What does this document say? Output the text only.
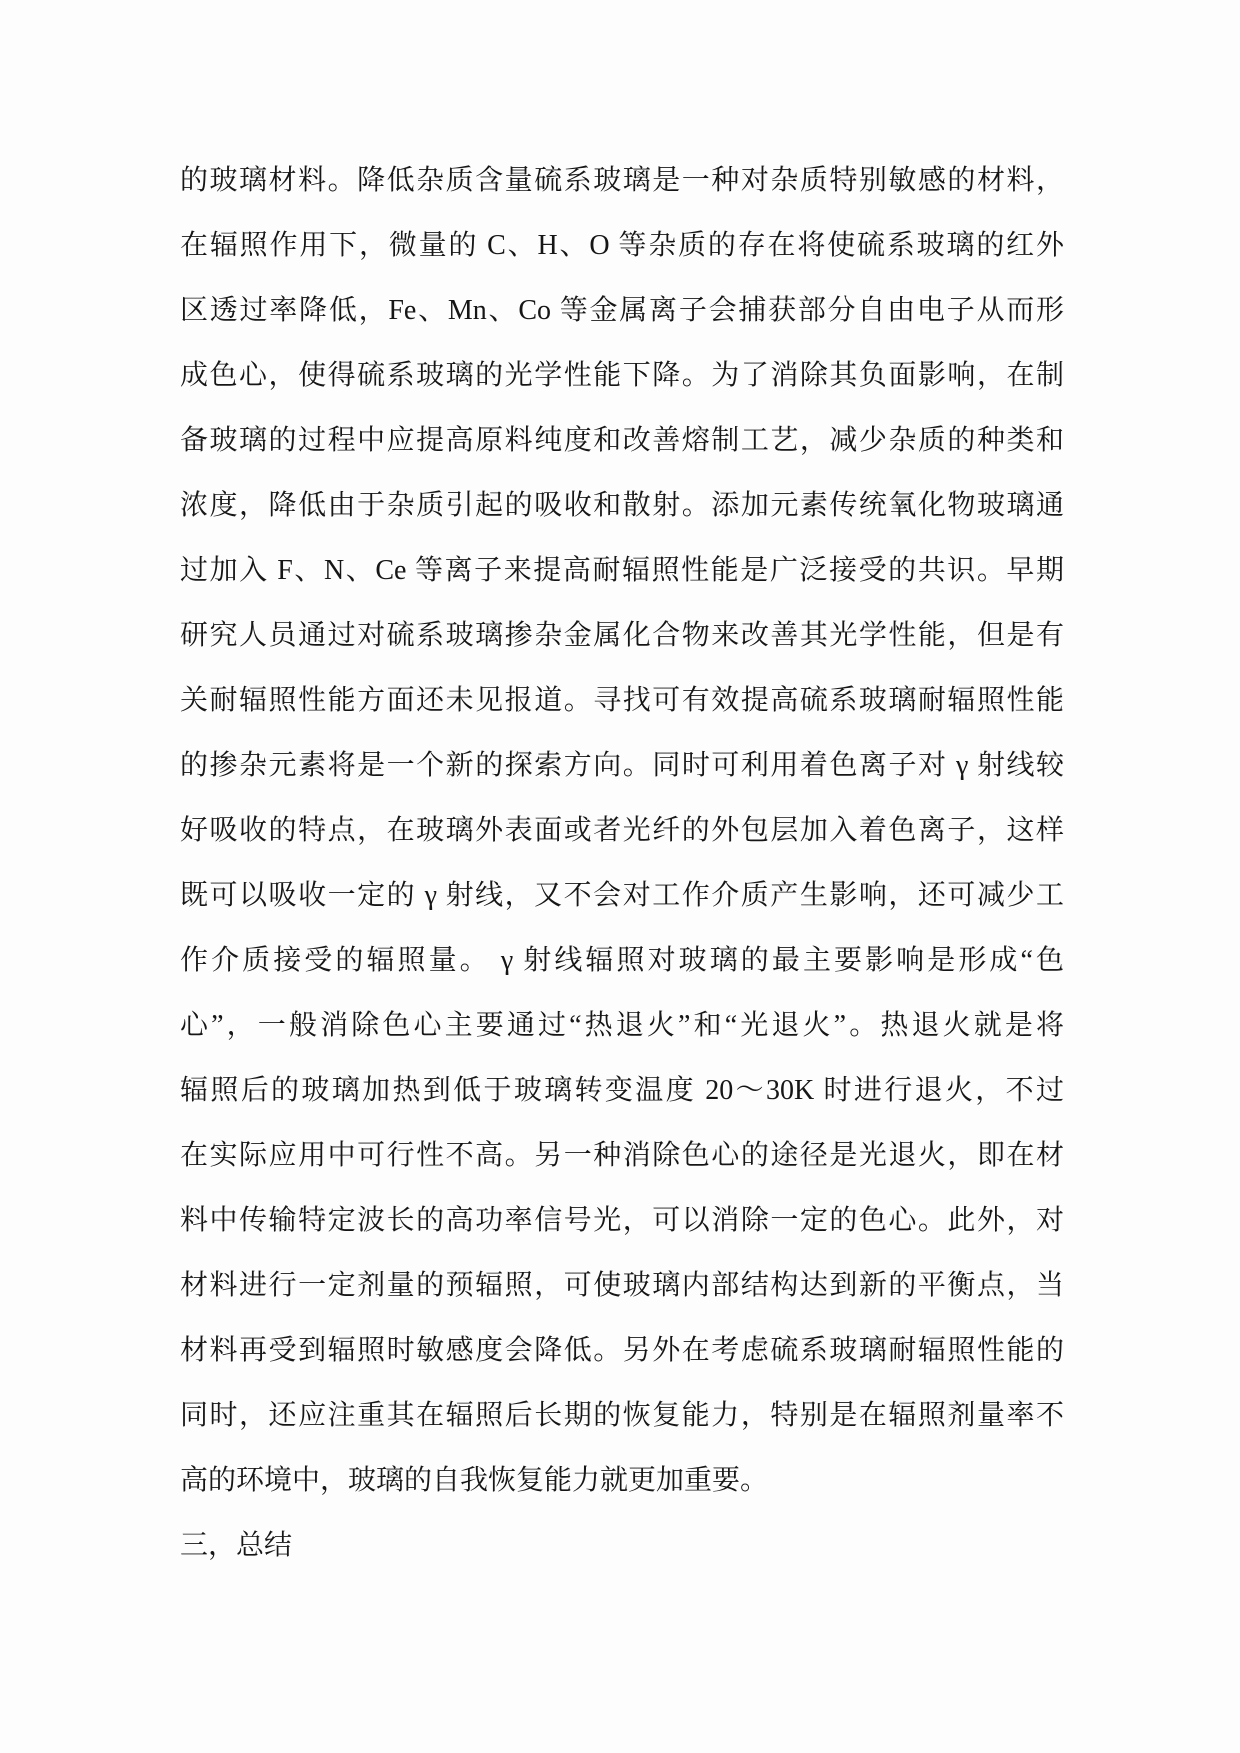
的玻璃材料。降低杂质含量硫系玻璃是一种对杂质特别敏感的材料，
在辐照作用下，微量的 C、H、O 等杂质的存在将使硫系玻璃的红外
区透过率降低，Fe、Mn、Co 等金属离子会捕获部分自由电子从而形
成色心，使得硫系玻璃的光学性能下降。为了消除其负面影响，在制
备玻璃的过程中应提高原料纯度和改善熔制工艺，减少杂质的种类和
浓度，降低由于杂质引起的吸收和散射。添加元素传统氧化物玻璃通
过加入 F、N、Ce 等离子来提高耐辐照性能是广泛接受的共识。早期
研究人员通过对硫系玻璃掺杂金属化合物来改善其光学性能，但是有
关耐辐照性能方面还未见报道。寻找可有效提高硫系玻璃耐辐照性能
的掺杂元素将是一个新的探索方向。同时可利用着色离子对 γ 射线较
好吸收的特点，在玻璃外表面或者光纤的外包层加入着色离子，这样
既可以吸收一定的 γ 射线，又不会对工作介质产生影响，还可减少工
作介质接受的辐照量。 γ 射线辐照对玻璃的最主要影响是形成“色
心”，一般消除色心主要通过“热退火”和“光退火”。热退火就是将
辐照后的玻璃加热到低于玻璃转变温度 20～30K 时进行退火，不过
在实际应用中可行性不高。另一种消除色心的途径是光退火，即在材
料中传输特定波长的高功率信号光，可以消除一定的色心。此外，对
材料进行一定剂量的预辐照，可使玻璃内部结构达到新的平衡点，当
材料再受到辐照时敏感度会降低。另外在考虑硫系玻璃耐辐照性能的
同时，还应注重其在辐照后长期的恢复能力，特别是在辐照剂量率不
高的环境中，玻璃的自我恢复能力就更加重要。
三，总结
